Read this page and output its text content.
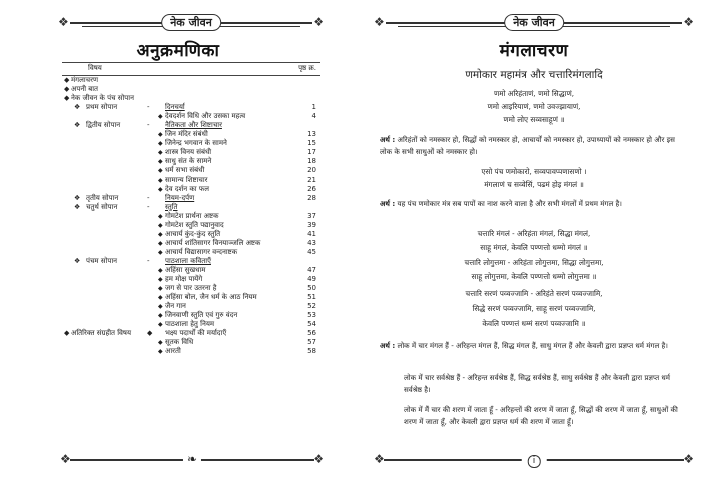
❖	नेक जीवन	❖
अनुक्रमणिका
विषय	पृष्ठ क्र.
◆ मंगलाचरण
◆ अपनी बात
◆ नेक जीवन के पंच सोपान
❖ प्रथम सोपान	- दिनचर्या	1
◆ देवदर्शन विधि और उसका महत्व	4
❖ द्वितीय सोपान	- नैतिकता और शिष्टाचार
◆ जिन मंदिर संबंधी	13
◆ जिनेन्द्र भगवान के सामने	15
◆ शास्त्र विनय संबंधी	17
◆ साधु संत के सामने	18
◆ धर्म सभा संबंधी	20
◆ सामान्य शिष्टाचार	21
◆ देव दर्शन का फल	26
❖ तृतीय सोपान	- नियम-दर्पण	28
❖ चतुर्थ सोपान	- स्तुति
◆ गोमटेश प्रार्थना अष्टक	37
◆ गोमटेश स्तुति पद्यानुवाद	39
◆ आचार्य कुंद-कुंद स्तुति	41
◆ आचार्य शांतिसागर विनयाञ्जलि अष्टक	43
◆ आचार्य विद्यासागर वन्दनाष्टक	45
❖ पंचम सोपान	- पाठशाला कविताएँ
◆ अहिंसा सुखधाम	47
◆ हम मोक्ष पायेंगे	49
◆ जग से पार उतरना है	50
◆ अहिंसा बोल, जैन धर्म के आठ नियम	51
◆ जैन गान	52
◆ जिनवाणी स्तुति एवं गुरु वंदन	53
◆ पाठशाला हेतु नियम	54
◆ अतिरिक्त संग्रहीत विषय ◆ भक्ष्य पदार्थों की मर्यादाएँ	56
◆ सूतक विधि	57
◆ आरती	58
❖	❧	❖
❖	नेक जीवन	❖
मंगलाचरण
णमोकार महामंत्र और चत्तारिमंगलादि
णमो अरिहंताणं, णमो सिद्धाणं,
णमो आइरियाणं, णमो उवज्झायाणं,
णमो लोए सव्वसाहूणं ॥
अर्थ : अरिहंतों को नमस्कार हो, सिद्धों को नमस्कार हो, आचार्यों को नमस्कार हो, उपाध्यायों को नमस्कार हो और इस लोक के सभी साधुओं को नमस्कार हो।
एसो पंच णमोकारो, सव्वपावप्पणासणो ।
मंगलाणं च सव्वेसिं, पढमं होइ मंगलं ॥
अर्थ : यह पंच णमोकार मंत्र सब पापों का नाश करने वाला है और सभी मंगलों में प्रथम मंगल है।
चत्तारि मंगलं - अरिहंता मंगलं, सिद्धा मंगलं,
साहू मंगलं, केवलि पण्णत्तो धम्मो मंगलं ॥
चत्तारि लोगुत्तमा - अरिहंता लोगुत्तमा, सिद्धा लोगुत्तमा,
साहू लोगुत्तमा, केवलि पण्णत्तो धम्मो लोगुत्तमा ॥
चत्तारि सरणं पव्वज्जामि - अरिहंते सरणं पव्वज्जामि,
सिद्धे सरणं पव्वज्जामि, साहू सरणं पव्वज्जामि,
केवलि पण्णत्तं धम्मं सरणं पव्वज्जामि ॥
अर्थ : लोक में चार मंगल हैं - अरिहन्त मंगल हैं, सिद्ध मंगल हैं, साधु मंगल हैं और केवली द्वारा प्रज्ञप्त धर्म मंगल है।
लोक में चार सर्वश्रेष्ठ हैं - अरिहन्त सर्वश्रेष्ठ हैं, सिद्ध सर्वश्रेष्ठ हैं, साधु सर्वश्रेष्ठ हैं और केवली द्वारा प्रज्ञप्त धर्म सर्वश्रेष्ठ है।
लोक में मैं चार की शरण में जाता हूँ - अरिहन्तों की शरण में जाता हूँ, सिद्धों की शरण में जाता हूँ, साधुओं की शरण में जाता हूँ, और केवली द्वारा प्रज्ञप्त धर्म की शरण में जाता हूँ।
❖	i	❖
